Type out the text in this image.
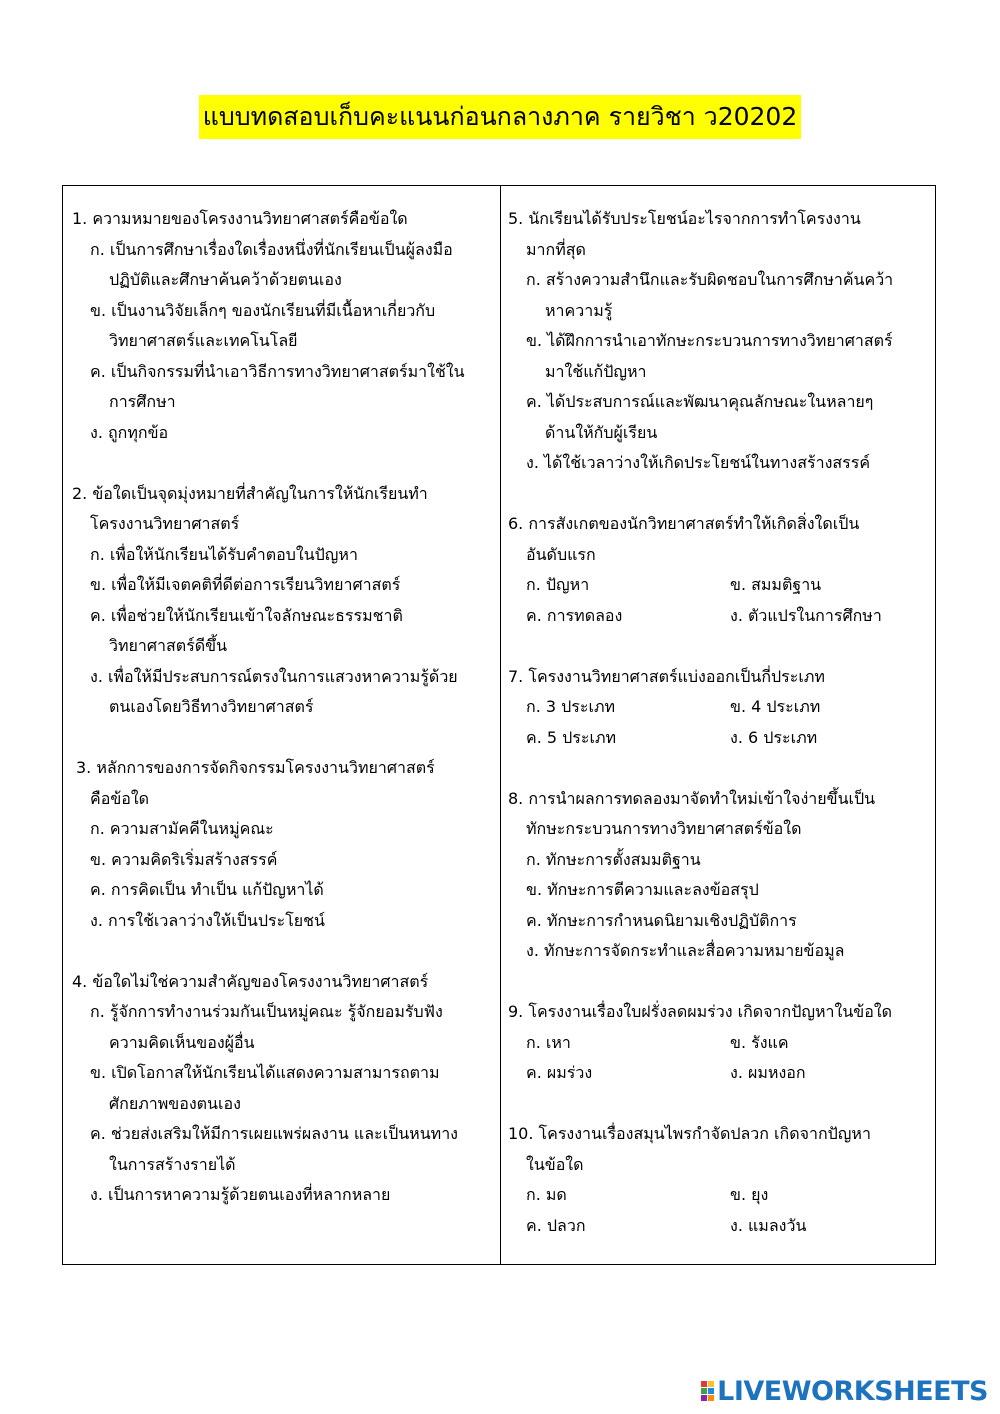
แบบทดสอบเก็บคะแนนก่อนกลางภาค รายวิชา ว20202
1. ความหมายของโครงงานวิทยาศาสตร์คือข้อใด
ก. เป็นการศึกษาเรื่องใดเรื่องหนึ่งที่นักเรียนเป็นผู้ลงมือ
ปฏิบัติและศึกษาค้นคว้าด้วยตนเอง
ข. เป็นงานวิจัยเล็กๆ ของนักเรียนที่มีเนื้อหาเกี่ยวกับ
วิทยาศาสตร์และเทคโนโลยี
ค. เป็นกิจกรรมที่นำเอาวิธีการทางวิทยาศาสตร์มาใช้ใน
การศึกษา
ง. ถูกทุกข้อ
2. ข้อใดเป็นจุดมุ่งหมายที่สำคัญในการให้นักเรียนทำ
โครงงานวิทยาศาสตร์
ก. เพื่อให้นักเรียนได้รับคำตอบในปัญหา
ข. เพื่อให้มีเจตคติที่ดีต่อการเรียนวิทยาศาสตร์
ค. เพื่อช่วยให้นักเรียนเข้าใจลักษณะธรรมชาติ
วิทยาศาสตร์ดีขึ้น
ง. เพื่อให้มีประสบการณ์ตรงในการแสวงหาความรู้ด้วย
ตนเองโดยวิธีทางวิทยาศาสตร์
3. หลักการของการจัดกิจกรรมโครงงานวิทยาศาสตร์
คือข้อใด
ก. ความสามัคคีในหมู่คณะ
ข. ความคิดริเริ่มสร้างสรรค์
ค. การคิดเป็น ทำเป็น แก้ปัญหาได้
ง. การใช้เวลาว่างให้เป็นประโยชน์
4. ข้อใดไม่ใช่ความสำคัญของโครงงานวิทยาศาสตร์
ก. รู้จักการทำงานร่วมกันเป็นหมู่คณะ รู้จักยอมรับฟัง
ความคิดเห็นของผู้อื่น
ข. เปิดโอกาสให้นักเรียนได้แสดงความสามารถตาม
ศักยภาพของตนเอง
ค. ช่วยส่งเสริมให้มีการเผยแพร่ผลงาน และเป็นหนทาง
ในการสร้างรายได้
ง. เป็นการหาความรู้ด้วยตนเองที่หลากหลาย
5. นักเรียนได้รับประโยชน์อะไรจากการทำโครงงาน
มากที่สุด
ก. สร้างความสำนึกและรับผิดชอบในการศึกษาค้นคว้า
หาความรู้
ข. ได้ฝึกการนำเอาทักษะกระบวนการทางวิทยาศาสตร์
มาใช้แก้ปัญหา
ค. ได้ประสบการณ์และพัฒนาคุณลักษณะในหลายๆ
ด้านให้กับผู้เรียน
ง. ได้ใช้เวลาว่างให้เกิดประโยชน์ในทางสร้างสรรค์
6. การสังเกตของนักวิทยาศาสตร์ทำให้เกิดสิ่งใดเป็น
อันดับแรก
ก. ปัญหา	ข. สมมติฐาน
ค. การทดลอง	ง. ตัวแปรในการศึกษา
7. โครงงานวิทยาศาสตร์แบ่งออกเป็นกี่ประเภท
ก. 3 ประเภท	ข. 4 ประเภท
ค. 5 ประเภท	ง. 6 ประเภท
8. การนำผลการทดลองมาจัดทำใหม่เข้าใจง่ายขึ้นเป็น
ทักษะกระบวนการทางวิทยาศาสตร์ข้อใด
ก. ทักษะการตั้งสมมติฐาน
ข. ทักษะการตีความและลงข้อสรุป
ค. ทักษะการกำหนดนิยามเชิงปฏิบัติการ
ง. ทักษะการจัดกระทำและสื่อความหมายข้อมูล
9. โครงงานเรื่องใบฝรั่งลดผมร่วง เกิดจากปัญหาในข้อใด
ก. เหา	ข. รังแค
ค. ผมร่วง	ง. ผมหงอก
10. โครงงานเรื่องสมุนไพรกำจัดปลวก เกิดจากปัญหา
ในข้อใด
ก. มด	ข. ยุง
ค. ปลวก	ง. แมลงวัน
LIVEWORKSHEETS
